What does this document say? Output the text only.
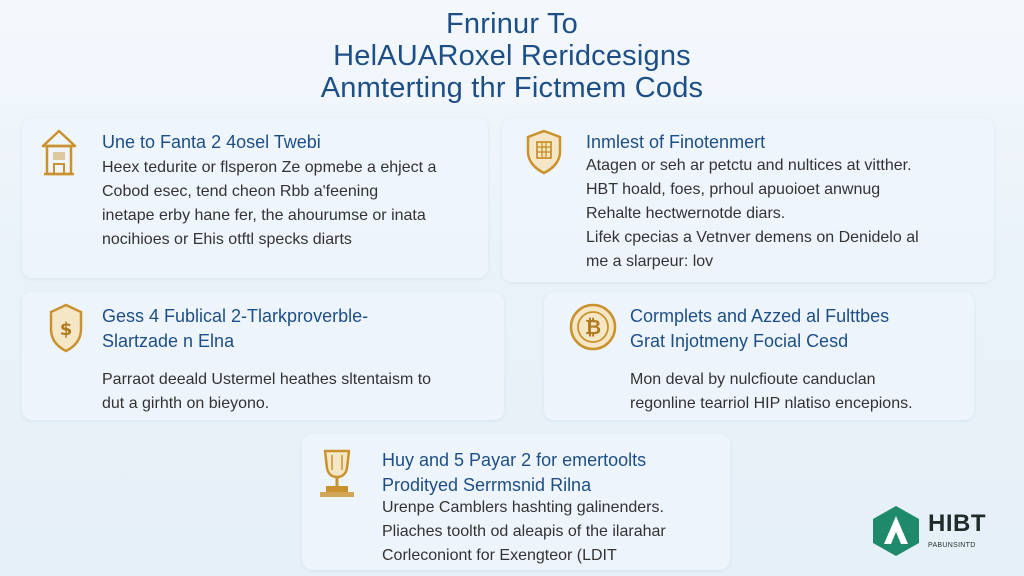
Fnrinur To
HelAUARoxel Reridcesigns
Anmterting thr Fictmem Cods
Une to Fanta 2 4osel Twebi
Heex tedurite or flsperon Ze opmebe a ehject a
Cobod esec, tend cheon Rbb a'feening
inetape erby hane fer, the ahourumse or inata
nocihioes or Ehis otftl specks diarts
Inmlest of Finotenmert
Atagen or seh ar petctu and nultices at vitther.
HBT hoald, foes, prhoul apuoioet anwnug
Rehalte hectwernotde diars.
Lifek cpecias a Vetnver demens on Denidelo al
me a slarpeur: lov
$
Gess 4 Fublical 2-Tlarkproverble-
Slartzade n Elna
Parraot deeald Ustermel heathes sltentaism to
dut a girhth on bieyono.
₿ Cormplets and Azzed al Fulttbes
Grat Injotmeny Focial Cesd
Mon deval by nulcfioute canduclan
regonline tearriol HIP nlatiso encepions.
Huy and 5 Payar 2 for emertoolts
Prodityed Serrmsnid Rilna
Urenpe Camblers hashting galinenders.
Pliaches toolth od aleapis of the ilarahar
Corleconiont for Exengteor (LDIT
HIBT
PABUNSINTD
